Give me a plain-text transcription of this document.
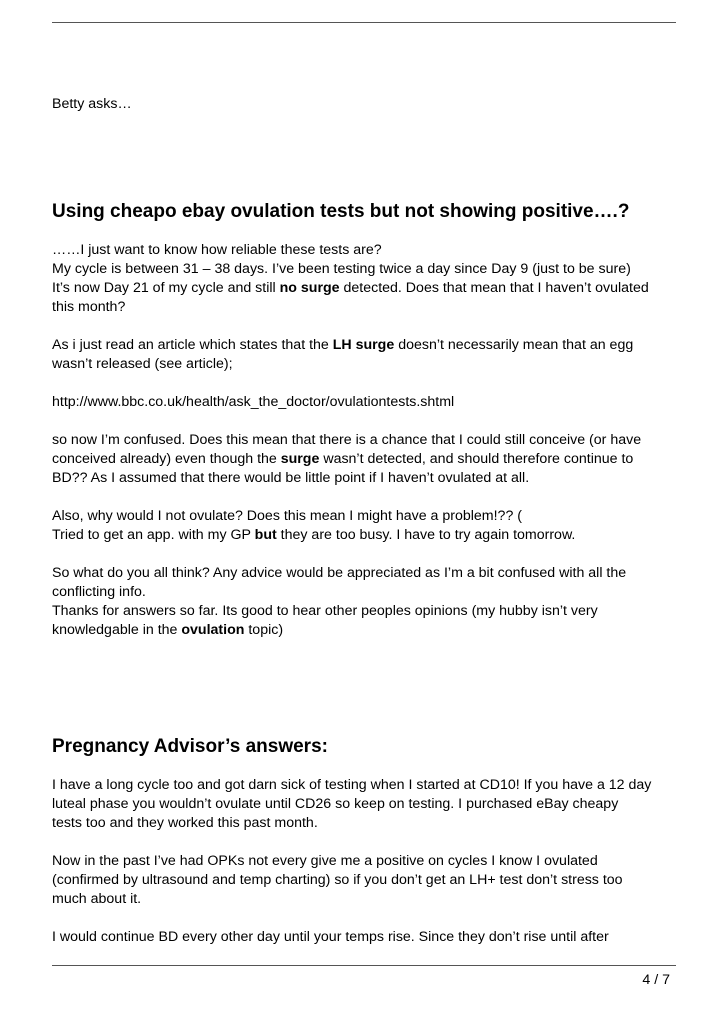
Betty asks…

Using cheapo ebay ovulation tests but not showing positive….?

……I just want to know how reliable these tests are?

My cycle is between 31 – 38 days. I’ve been testing twice a day since Day 9 (just to be sure)

It’s now Day 21 of my cycle and still no surge detected. Does that mean that I haven’t ovulated

this month?

As i just read an article which states that the LH surge doesn’t necessarily mean that an egg

wasn’t released (see article);

http://www.bbc.co.uk/health/ask_the_doctor/ovulationtests.shtml

so now I’m confused. Does this mean that there is a chance that I could still conceive (or have

conceived already) even though the surge wasn’t detected, and should therefore continue to

BD?? As I assumed that there would be little point if I haven’t ovulated at all.

Also, why would I not ovulate? Does this mean I might have a problem!?? (

Tried to get an app. with my GP but they are too busy. I have to try again tomorrow.

So what do you all think? Any advice would be appreciated as I’m a bit confused with all the

conflicting info.

Thanks for answers so far. Its good to hear other peoples opinions (my hubby isn’t very

knowledgable in the ovulation topic)

Pregnancy Advisor’s answers:

I have a long cycle too and got darn sick of testing when I started at CD10! If you have a 12 day

luteal phase you wouldn’t ovulate until CD26 so keep on testing. I purchased eBay cheapy

tests too and they worked this past month.

Now in the past I’ve had OPKs not every give me a positive on cycles I know I ovulated

(confirmed by ultrasound and temp charting) so if you don’t get an LH+ test don’t stress too

much about it.

I would continue BD every other day until your temps rise. Since they don’t rise until after

4 / 7
